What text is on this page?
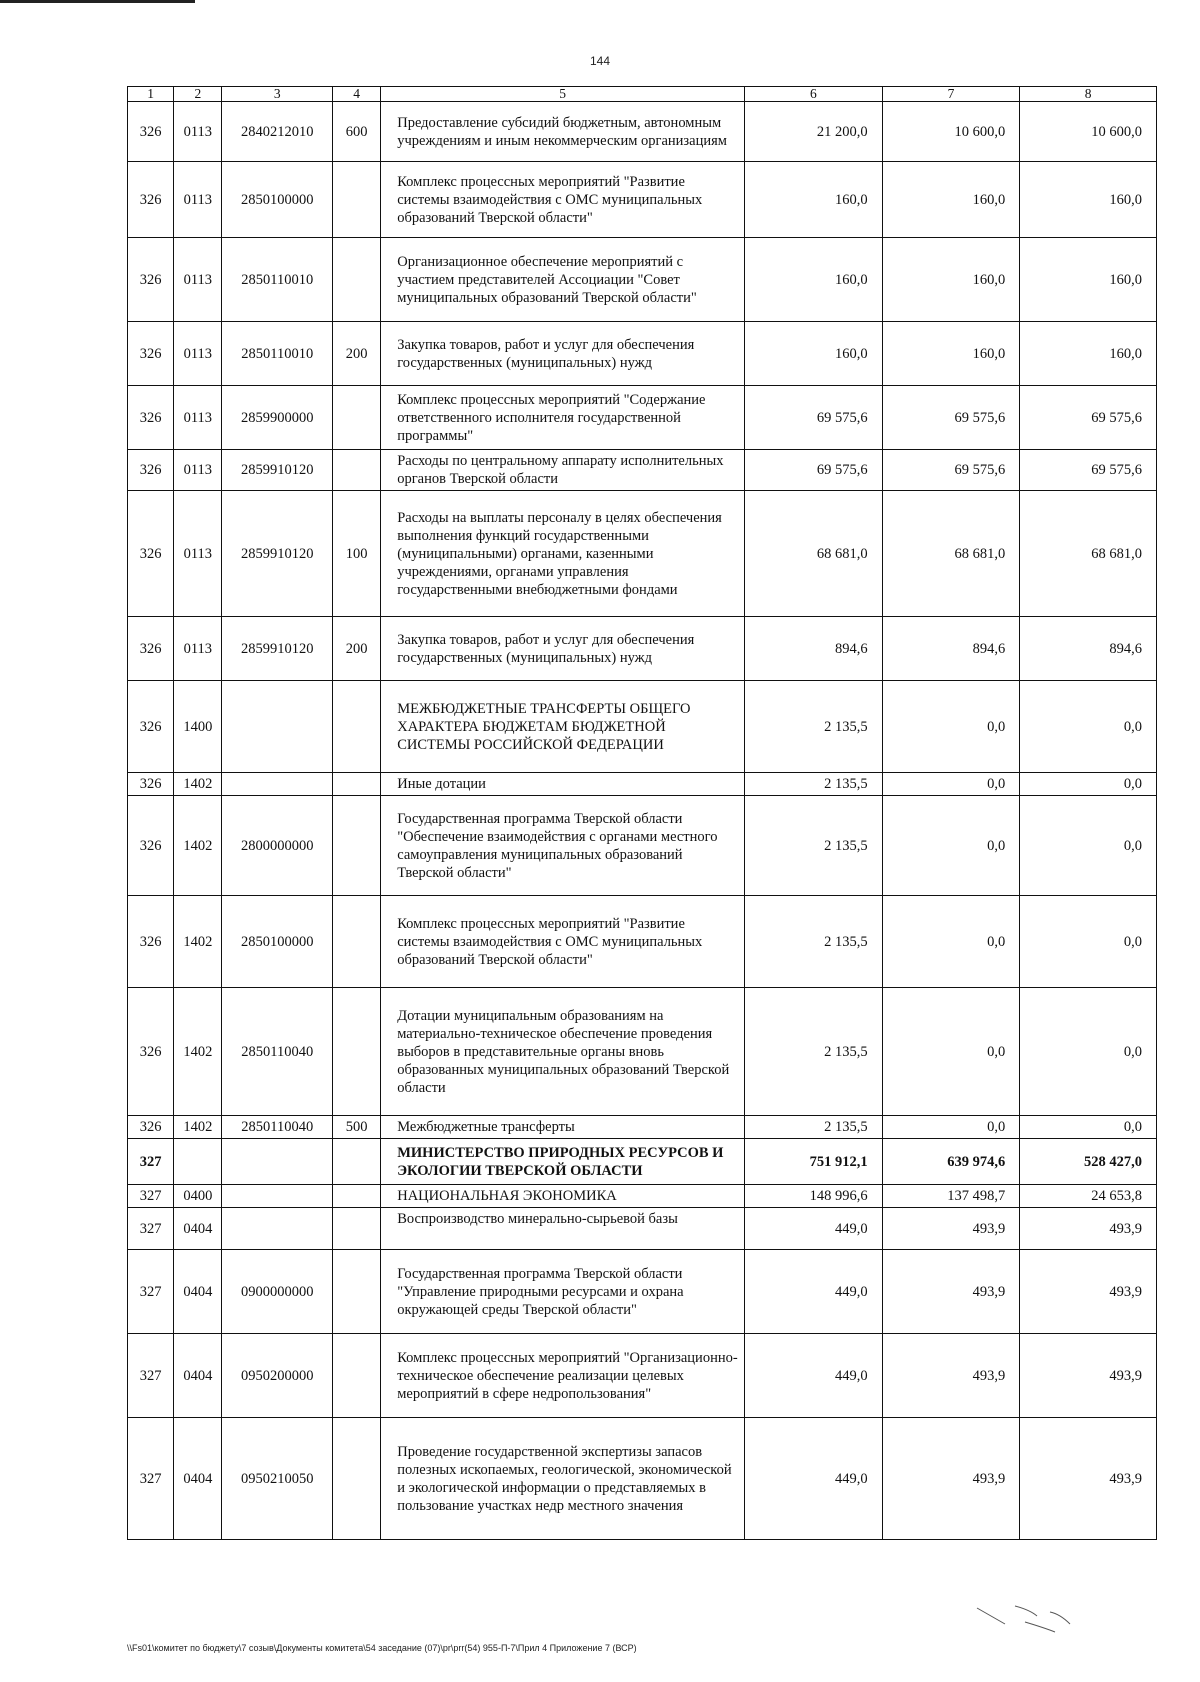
144
1	2	3	4	5	6	7	8
326	0113	2840212010	600	Предоставление субсидий бюджетным, автономным учреждениям и иным некоммерческим организациям	21 200,0	10 600,0	10 600,0
326	0113	2850100000		Комплекс процессных мероприятий "Развитие системы взаимодействия с ОМС муниципальных образований Тверской области"	160,0	160,0	160,0
326	0113	2850110010		Организационное обеспечение мероприятий с участием представителей Ассоциации "Совет муниципальных образований Тверской области"	160,0	160,0	160,0
326	0113	2850110010	200	Закупка товаров, работ и услуг для обеспечения государственных (муниципальных) нужд	160,0	160,0	160,0
326	0113	2859900000		Комплекс процессных мероприятий "Содержание ответственного исполнителя государственной программы"	69 575,6	69 575,6	69 575,6
326	0113	2859910120		Расходы по центральному аппарату исполнительных органов Тверской области	69 575,6	69 575,6	69 575,6
326	0113	2859910120	100	Расходы на выплаты персоналу в целях обеспечения выполнения функций государственными (муниципальными) органами, казенными учреждениями, органами управления государственными внебюджетными фондами	68 681,0	68 681,0	68 681,0
326	0113	2859910120	200	Закупка товаров, работ и услуг для обеспечения государственных (муниципальных) нужд	894,6	894,6	894,6
326	1400			МЕЖБЮДЖЕТНЫЕ ТРАНСФЕРТЫ ОБЩЕГО ХАРАКТЕРА БЮДЖЕТАМ БЮДЖЕТНОЙ СИСТЕМЫ РОССИЙСКОЙ ФЕДЕРАЦИИ	2 135,5	0,0	0,0
326	1402			Иные дотации	2 135,5	0,0	0,0
326	1402	2800000000		Государственная программа Тверской области "Обеспечение взаимодействия с органами местного самоуправления муниципальных образований Тверской области"	2 135,5	0,0	0,0
326	1402	2850100000		Комплекс процессных мероприятий "Развитие системы взаимодействия с ОМС муниципальных образований Тверской области"	2 135,5	0,0	0,0
326	1402	2850110040		Дотации муниципальным образованиям на материально-техническое обеспечение проведения выборов в представительные органы вновь образованных муниципальных образований Тверской области	2 135,5	0,0	0,0
326	1402	2850110040	500	Межбюджетные трансферты	2 135,5	0,0	0,0
327				МИНИСТЕРСТВО ПРИРОДНЫХ РЕСУРСОВ И ЭКОЛОГИИ ТВЕРСКОЙ ОБЛАСТИ	751 912,1	639 974,6	528 427,0
327	0400			НАЦИОНАЛЬНАЯ ЭКОНОМИКА	148 996,6	137 498,7	24 653,8
327	0404			Воспроизводство минерально-сырьевой базы	449,0	493,9	493,9
327	0404	0900000000		Государственная программа Тверской области "Управление природными ресурсами и охрана окружающей среды Тверской области"	449,0	493,9	493,9
327	0404	0950200000		Комплекс процессных мероприятий "Организационно-техническое обеспечение реализации целевых мероприятий в сфере недропользования"	449,0	493,9	493,9
327	0404	0950210050		Проведение государственной экспертизы запасов полезных ископаемых, геологической, экономической и экологической информации о представляемых в пользование участках недр местного значения	449,0	493,9	493,9
\\Fs01\комитет по бюджету\7 созыв\Документы комитета\54 заседание (07)\pr\prr(54) 955-П-7\Прил 4 Приложение 7 (ВСР)
